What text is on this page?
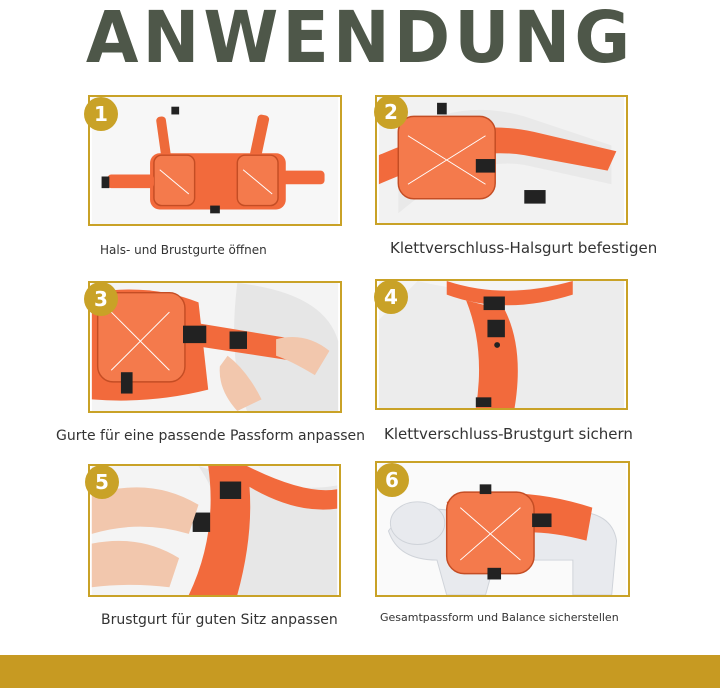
ANWENDUNG
1
Hals- und Brustgurte öffnen
2
Klettverschluss-Halsgurt befestigen
3
Gurte für eine passende Passform anpassen
4
Klettverschluss-Brustgurt sichern
5
Brustgurt für guten Sitz anpassen
6
Gesamtpassform und Balance sicherstellen
